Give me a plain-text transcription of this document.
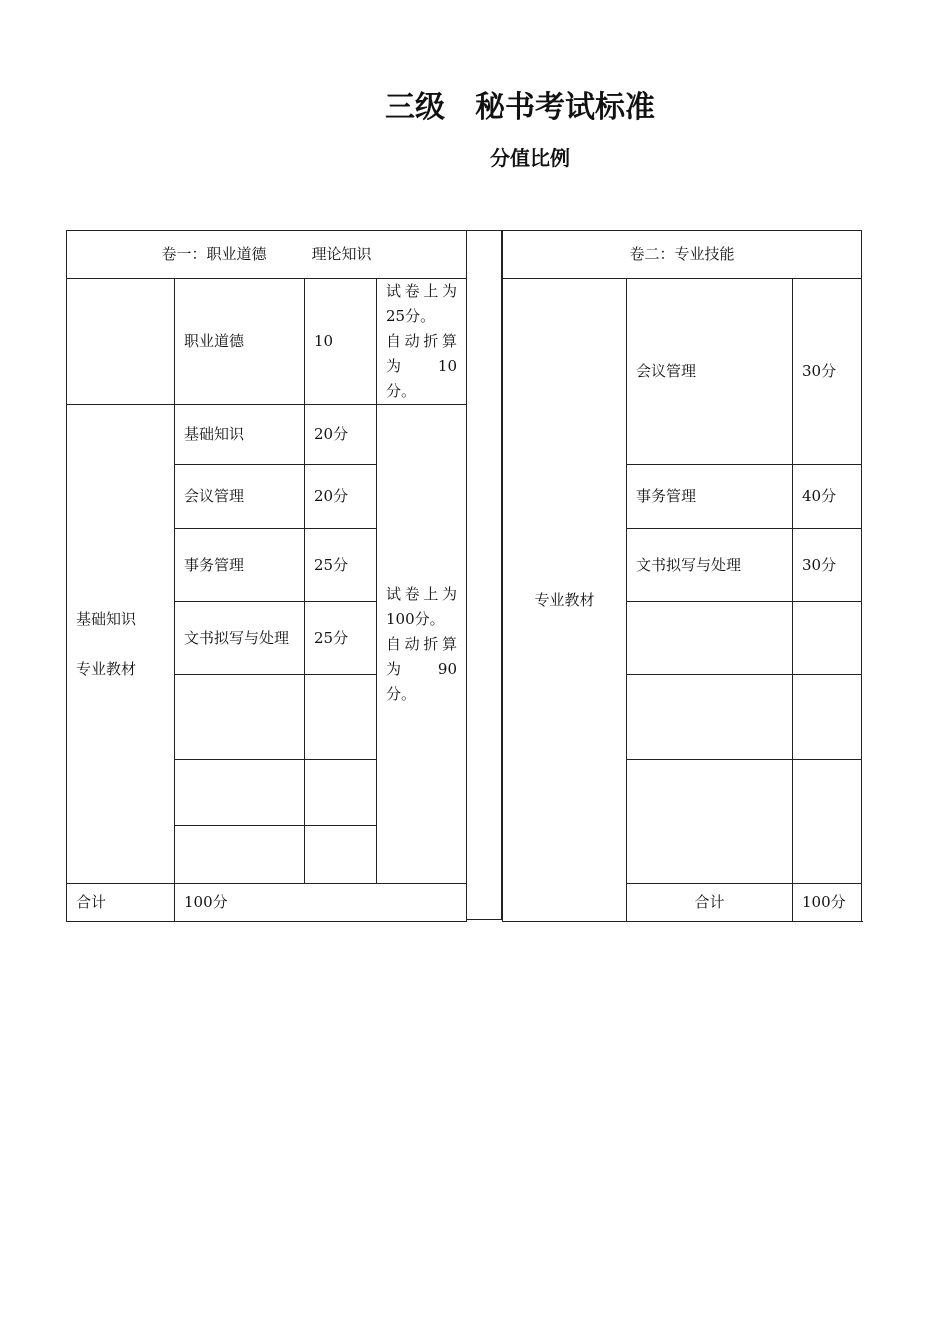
三级　秘书考试标准
分值比例
卷一：职业道德　　　理论知识			
	职业道德	10	试卷上为
25分。
自动折算
为　　10
分。

基础知识
专业教材	基础知识	20分	试卷上为
100分。
自动折算
为　　90
分。

	会议管理	20分	
	事务管理	25分	

	文书拟写与处理	25分	

合计	100分		
卷二：专业技能		
专业教材	会议管理	30分
	事务管理	40分
	文书拟写与处理	30分

	合计	100分
